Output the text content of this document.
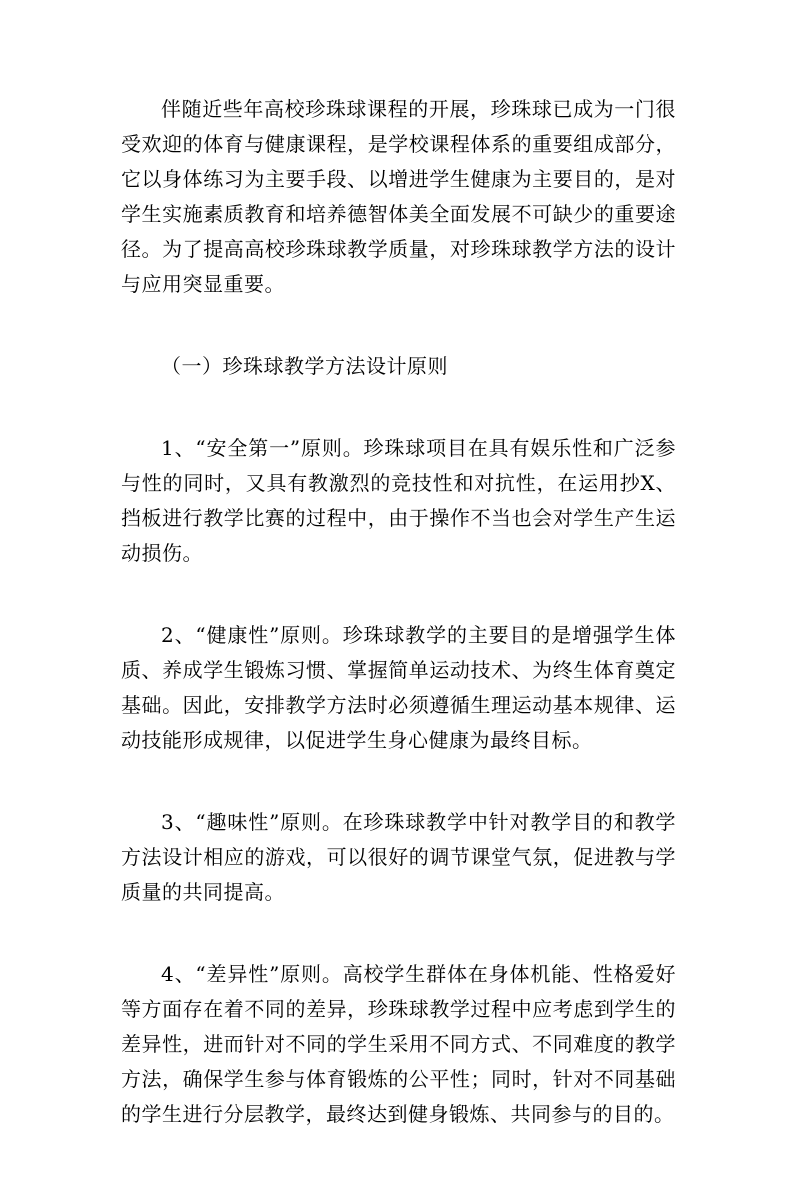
伴随近些年高校珍珠球课程的开展，珍珠球已成为一门很受欢迎的体育与健康课程，是学校课程体系的重要组成部分，它以身体练习为主要手段、以增进学生健康为主要目的，是对学生实施素质教育和培养德智体美全面发展不可缺少的重要途径。为了提高高校珍珠球教学质量，对珍珠球教学方法的设计与应用突显重要。

（一）珍珠球教学方法设计原则

1、“安全第一”原则。珍珠球项目在具有娱乐性和广泛参与性的同时，又具有教激烈的竞技性和对抗性，在运用抄X、挡板进行教学比赛的过程中，由于操作不当也会对学生产生运动损伤。

2、“健康性”原则。珍珠球教学的主要目的是增强学生体质、养成学生锻炼习惯、掌握简单运动技术、为终生体育奠定基础。因此，安排教学方法时必须遵循生理运动基本规律、运动技能形成规律，以促进学生身心健康为最终目标。

3、“趣味性”原则。在珍珠球教学中针对教学目的和教学方法设计相应的游戏，可以很好的调节课堂气氛，促进教与学质量的共同提高。

4、“差异性”原则。高校学生群体在身体机能、性格爱好等方面存在着不同的差异，珍珠球教学过程中应考虑到学生的差异性，进而针对不同的学生采用不同方式、不同难度的教学方法，确保学生参与体育锻炼的公平性；同时，针对不同基础的学生进行分层教学，最终达到健身锻炼、共同参与的目的。
